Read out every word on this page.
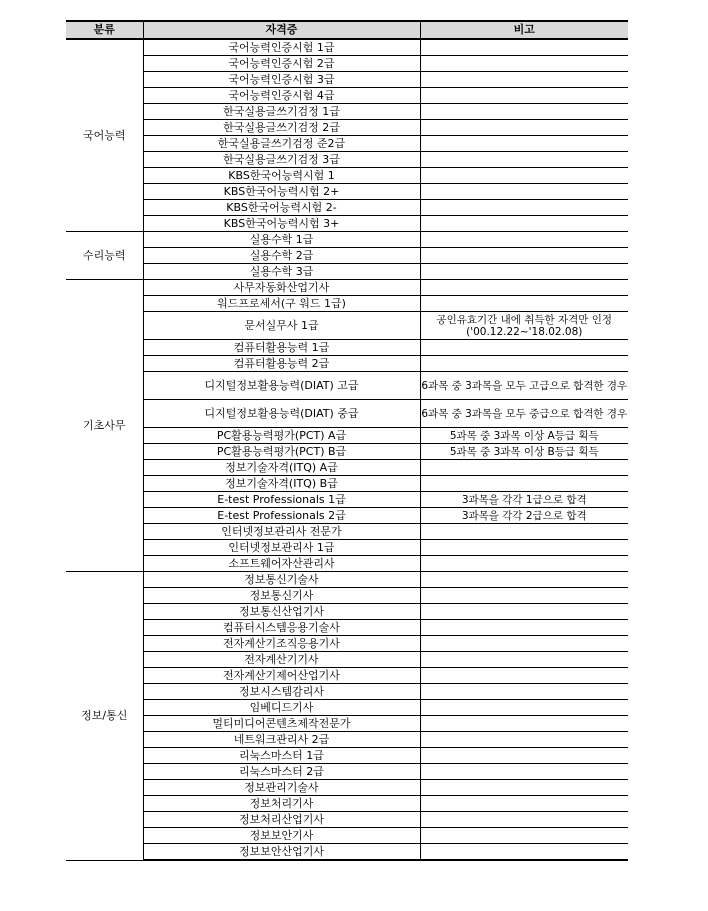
분류	자격증	비고
국어능력	국어능력인증시험 1급	
	국어능력인증시험 2급	
	국어능력인증시험 3급	
	국어능력인증시험 4급	
	한국실용글쓰기검정 1급	
	한국실용글쓰기검정 2급	
	한국실용글쓰기검정 준2급	
	한국실용글쓰기검정 3급	
	KBS한국어능력시험 1	
	KBS한국어능력시험 2+	
	KBS한국어능력시험 2-	
	KBS한국어능력시험 3+	
수리능력	실용수학 1급	
	실용수학 2급	
	실용수학 3급	
기초사무	사무자동화산업기사	
	워드프로세서(구 워드 1급)	
	문서실무사 1급	공인유효기간 내에 취득한 자격만 인정 ('00.12.22~'18.02.08)
	컴퓨터활용능력 1급	
	컴퓨터활용능력 2급	
	디지털정보활용능력(DIAT) 고급	6과목 중 3과목을 모두 고급으로 합격한 경우
	디지털정보활용능력(DIAT) 중급	6과목 중 3과목을 모두 중급으로 합격한 경우
	PC활용능력평가(PCT) A급	5과목 중 3과목 이상 A등급 획득
	PC활용능력평가(PCT) B급	5과목 중 3과목 이상 B등급 획득
	정보기술자격(ITQ) A급	
	정보기술자격(ITQ) B급	
	E-test Professionals 1급	3과목을 각각 1급으로 합격
	E-test Professionals 2급	3과목을 각각 2급으로 합격
	인터넷정보관리사 전문가	
	인터넷정보관리사 1급	
	소프트웨어자산관리사	
정보/통신	정보통신기술사	
	정보통신기사	
	정보통신산업기사	
	컴퓨터시스템응용기술사	
	전자계산기조직응용기사	
	전자계산기기사	
	전자계산기제어산업기사	
	정보시스템감리사	
	임베디드기사	
	멀티미디어콘텐츠제작전문가	
	네트워크관리사 2급	
	리눅스마스터 1급	
	리눅스마스터 2급	
	정보관리기술사	
	정보처리기사	
	정보처리산업기사	
	정보보안기사	
	정보보안산업기사	
